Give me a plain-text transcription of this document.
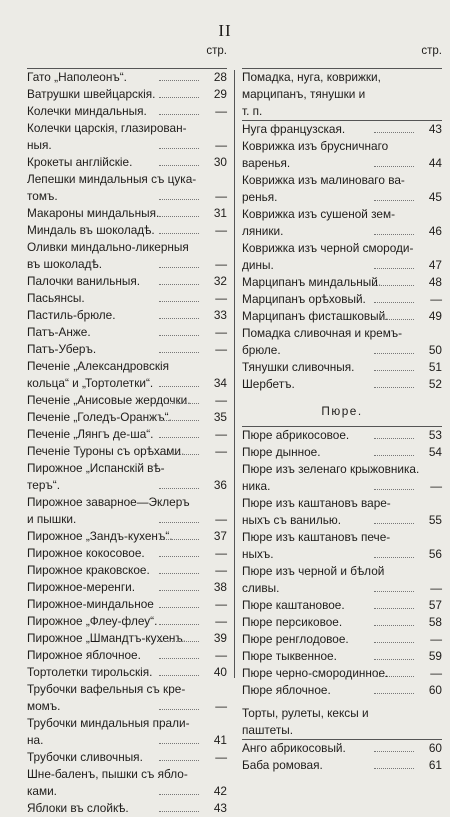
II
стр.
Гато „Наполеонъ“.	28
Ватрушки швейцарскія.	29
Колечки миндальныя.	—
Колечки царскія, глазирован-
ныя.	—
Крокеты англійскіе.	30
Лепешки миндальныя съ цука-
томъ.	—
Макароны миндальныя.	31
Миндаль въ шоколадѣ.	—
Оливки миндально-ликерныя
въ шоколадѣ.	—
Палочки ванильныя.	32
Пасьянсы.	—
Пастиль-брюле.	33
Патъ-Анже.	—
Патъ-Уберъ.	—
Печеніе „Александровскія
кольца“ и „Тортолетки“.	34
Печеніе „Анисовые жердочки.	—
Печеніе „Голедъ-Оранжъ“.	35
Печеніе „Лянгъ де-ша“.	—
Печеніе Туроны съ орѣхами.	—
Пирожное „Испанскій вѣ-
теръ“.	36
Пирожное заварное—Эклеръ
и пышки.	—
Пирожное „Зандъ-кухенъ“.	37
Пирожное кокосовое.	—
Пирожное краковское.	—
Пирожное-меренги.	38
Пирожное-миндальное	—
Пирожное „Флеу-флеу“.	—
Пирожное „Шмандтъ-кухенъ.	39
Пирожное яблочное.	—
Тортолетки тирольскія.	40
Трубочки вафельныя съ кре-
момъ.	—
Трубочки миндальныя прали-
на.	41
Трубочки сливочныя.	—
Шне-баленъ, пышки съ ябло-
ками.	42
Яблоки въ слойкѣ.	43
стр.
Помадка, нуга, коврижки,
марципанъ, тянушки и
т. п.
Нуга французская.	43
Коврижка изъ брусничнаго
варенья.	44
Коврижка изъ малиноваго ва-
ренья.	45
Коврижка изъ сушеной зем-
ляники.	46
Коврижка изъ черной смороди-
дины.	47
Марципанъ миндальный.	48
Марципанъ орѣховый.	—
Марципанъ фисташковый.	49
Помадка сливочная и кремъ-
брюле.	50
Тянушки сливочныя.	51
Шербетъ.	52
Пюре.
Пюре абрикосовое.	53
Пюре дынное.	54
Пюре изъ зеленаго крыжовника.
ника.	—
Пюре изъ каштановъ варе-
ныхъ съ ванилью.	55
Пюре изъ каштановъ пече-
ныхъ.	56
Пюре изъ черной и бѣлой
сливы.	—
Пюре каштановое.	57
Пюре персиковое.	58
Пюре ренглодовое.	—
Пюре тыквенное.	59
Пюре черно-смородинное.	—
Пюре яблочное.	60
Торты, рулеты, кексы и
паштеты.
Анго абрикосовый.	60
Баба ромовая.	61
